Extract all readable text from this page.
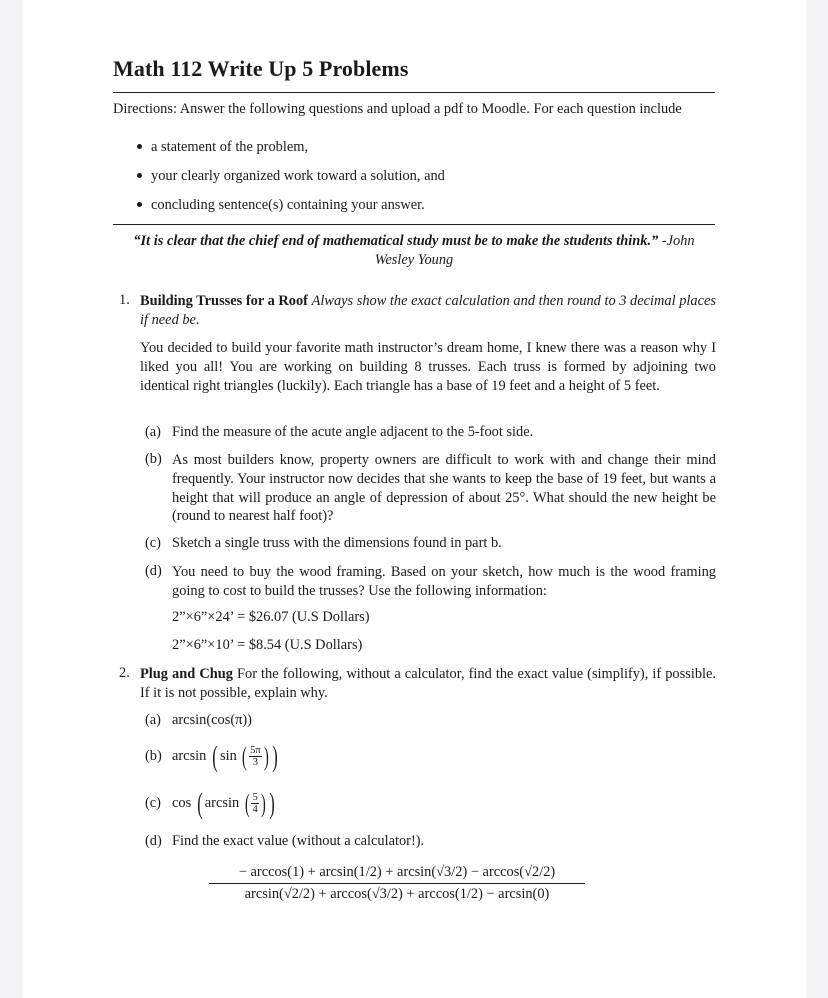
Math 112 Write Up 5 Problems
Directions: Answer the following questions and upload a pdf to Moodle. For each question include
a statement of the problem,
your clearly organized work toward a solution, and
concluding sentence(s) containing your answer.
“It is clear that the chief end of mathematical study must be to make the students think.” -John Wesley Young
1. Building Trusses for a Roof Always show the exact calculation and then round to 3 decimal places if need be.
You decided to build your favorite math instructor’s dream home, I knew there was a reason why I liked you all! You are working on building 8 trusses. Each truss is formed by adjoining two identical right triangles (luckily). Each triangle has a base of 19 feet and a height of 5 feet.
(a) Find the measure of the acute angle adjacent to the 5-foot side.
(b) As most builders know, property owners are difficult to work with and change their mind frequently. Your instructor now decides that she wants to keep the base of 19 feet, but wants a height that will produce an angle of depression of about 25°. What should the new height be (round to nearest half foot)?
(c) Sketch a single truss with the dimensions found in part b.
(d) You need to buy the wood framing. Based on your sketch, how much is the wood framing going to cost to build the trusses? Use the following information:
2”×6”×24’ = $26.07 (U.S Dollars)
2”×6”×10’ = $8.54 (U.S Dollars)
2. Plug and Chug For the following, without a calculator, find the exact value (simplify), if possible. If it is not possible, explain why.
(a) arcsin(cos(π))
(b) arcsin ( sin ( $\frac{5\pi}{3}$ ) )
(c) cos ( arcsin ( $\frac{5}{4}$ ) )
(d) Find the exact value (without a calculator!).
− arccos(1) + arcsin(1/2) + arcsin(√3/2) − arccos(√2/2)
arcsin(√2/2) + arccos(√3/2) + arccos(1/2) − arcsin(0)
